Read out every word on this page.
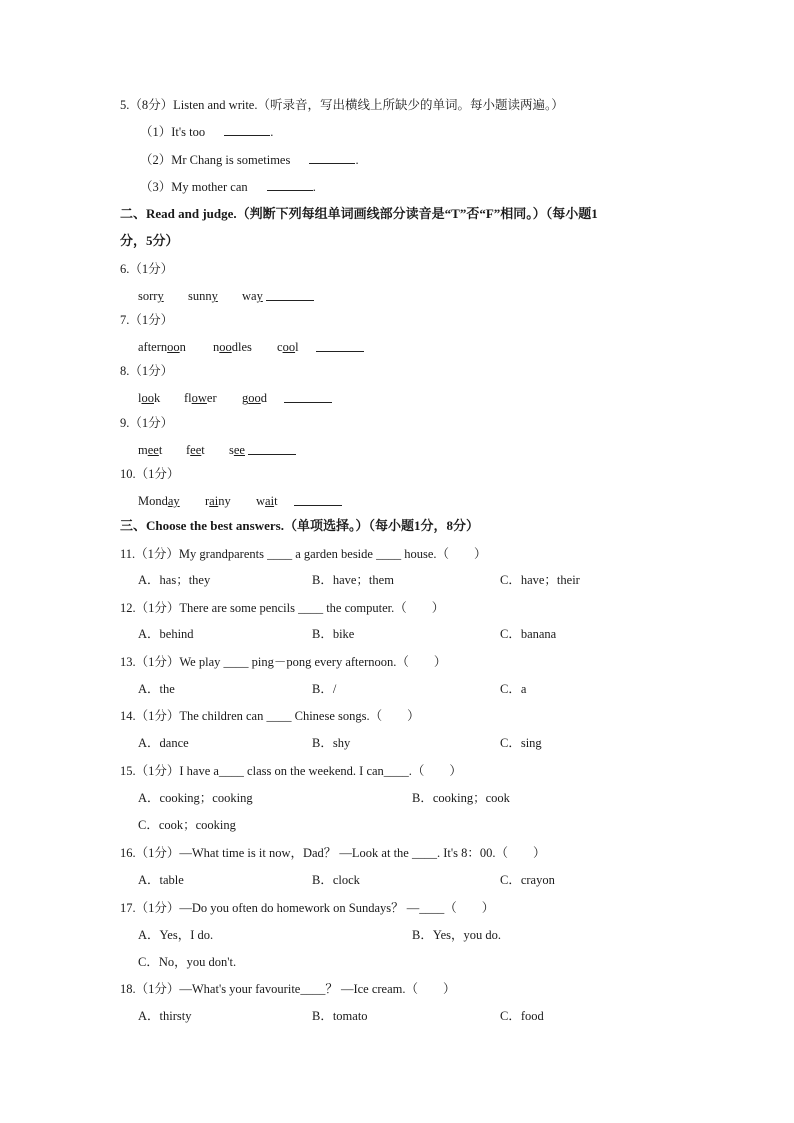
5.（8分）Listen and write.（听录音，写出横线上所缺少的单词。每小题读两遍。）
（1）It's too	.
（2）Mr Chang is sometimes	.
（3）My mother can	.
二、Read and judge.（判断下列每组单词画线部分读音是“T”否“F”相同。）（每小题1
分，5分）
6.（1分）
sorry sunny way
7.（1分）
afternoon noodles cool
8.（1分）
look flower good
9.（1分）
meet feet see
10.（1分）
Monday rainy wait
三、Choose the best answers.（单项选择。）（每小题1分，8分）
11.（1分）My grandparents ____ a garden beside ____ house.（　　）
A．has；they	B．have；them	C．have；their
12.（1分）There are some pencils ____ the computer.（　　）
A．behind	B．bike	C．banana
13.（1分）We play ____ ping－pong every afternoon.（　　）
A．the	B．/	C．a
14.（1分）The children can ____ Chinese songs.（　　）
A．dance	B．shy	C．sing
15.（1分）I have a____ class on the weekend. I can____.（　　）
A．cooking；cooking	B．cooking；cook
C．cook；cooking
16.（1分）—What time is it now，Dad？ —Look at the ____. It's 8：00.（　　）
A．table	B．clock	C．crayon
17.（1分）—Do you often do homework on Sundays？ —____（　　）
A．Yes，I do.	B．Yes，you do.
C．No，you don't.
18.（1分）—What's your favourite____？ —Ice cream.（　　）
A．thirsty	B．tomato	C．food
